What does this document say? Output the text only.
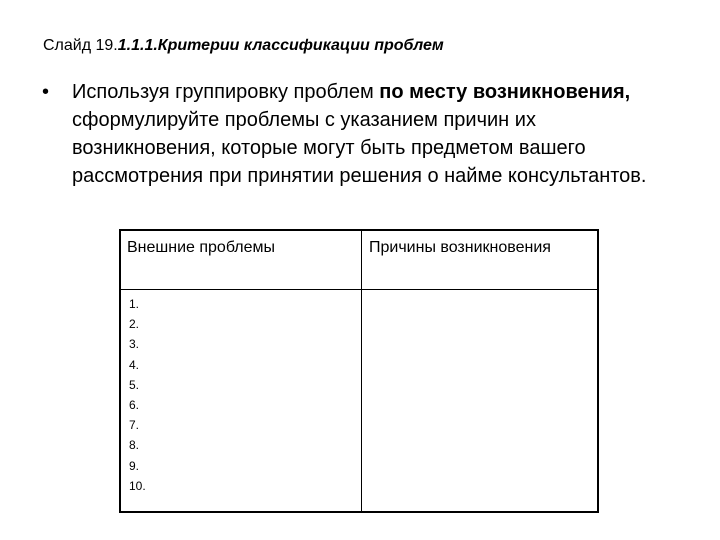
Слайд 19.1.1.1.Критерии классификации проблем
• Используя группировку проблем по месту возникновения, сформулируйте проблемы с указанием причин их возникновения, которые могут быть предметом вашего рассмотрения при принятии решения о найме консультантов.
Внешние проблемы	Причины возникновения
1.
2.
3.
4.
5.
6.
7.
8.
9.
10.
